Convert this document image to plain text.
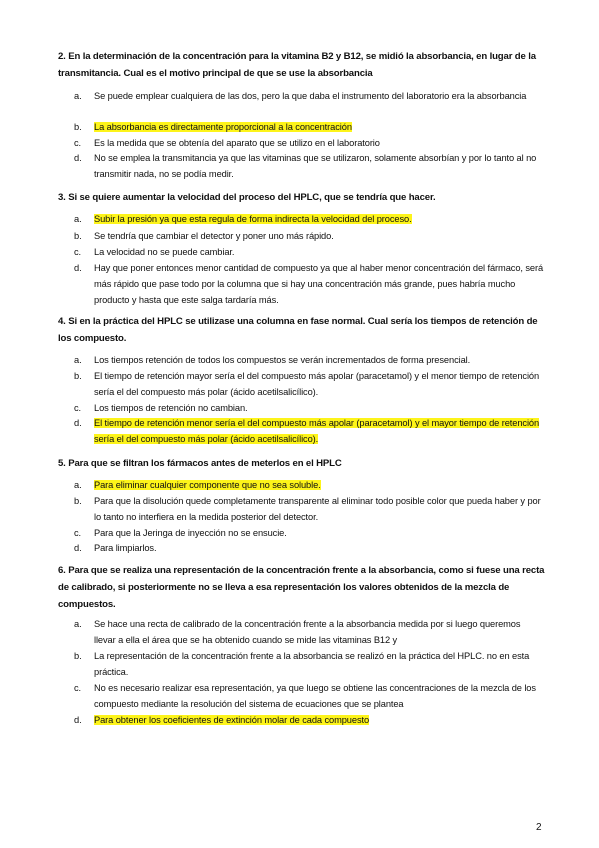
2. En la determinación de la concentración para la vitamina B2 y B12, se midió la absorbancia, en lugar de la transmitancia. Cual es el motivo principal de que se use la absorbancia
a.	Se puede emplear cualquiera de las dos, pero la que daba el instrumento del laboratorio era la absorbancia
b.	La absorbancia es directamente proporcional a la concentración
c.	Es la medida que se obtenía del aparato que se utilizo en el laboratorio
d.	No se emplea la transmitancia ya que las vitaminas que se utilizaron, solamente absorbían y por lo tanto al no transmitir nada, no se podía medir.
3. Si se quiere aumentar la velocidad del proceso del HPLC, que se tendría que hacer.
a.	Subir la presión ya que esta regula de forma indirecta la velocidad del proceso.
b.	Se tendría que cambiar el detector y poner uno más rápido.
c.	La velocidad no se puede cambiar.
d.	Hay que poner entonces menor cantidad de compuesto ya que al haber menor concentración del fármaco, será más rápido que pase todo por la columna que si hay una concentración más grande, pues habría mucho producto y hasta que este salga tardaría más.
4. Si en la práctica del HPLC se utilizase una columna en fase normal. Cual sería los tiempos de retención de los compuesto.
a.	Los tiempos retención de todos los compuestos se verán incrementados de forma presencial.
b.	El tiempo de retención mayor sería el del compuesto más apolar (paracetamol) y el menor tiempo de retención sería el del compuesto más polar (ácido acetilsalicílico).
c.	Los tiempos de retención no cambian.
d.	El tiempo de retención menor sería el del compuesto más apolar (paracetamol) y el mayor tiempo de retención sería el del compuesto más polar (ácido acetilsalicílico).
5. Para que se filtran los fármacos antes de meterlos en el HPLC
a.	Para eliminar cualquier componente que no sea soluble.
b.	Para que la disolución quede completamente transparente al eliminar todo posible color que pueda haber y por lo tanto no interfiera en la medida posterior del detector.
c.	Para que la Jeringa de inyección no se ensucie.
d.	Para limpiarlos.
6. Para que se realiza una representación de la concentración frente a la absorbancia, como si fuese una recta de calibrado, si posteriormente no se lleva a esa representación los valores obtenidos de la mezcla de compuestos.
a.	Se hace una recta de calibrado de la concentración frente a la absorbancia medida por si luego queremos llevar a ella el área que se ha obtenido cuando se mide las vitaminas B12 y
b.	La representación de la concentración frente a la absorbancia se realizó en la práctica del HPLC. no en esta práctica.
c.	No es necesario realizar esa representación, ya que luego se obtiene las concentraciones de la mezcla de los compuesto mediante la resolución del sistema de ecuaciones que se plantea
d.	Para obtener los coeficientes de extinción molar de cada compuesto
2
